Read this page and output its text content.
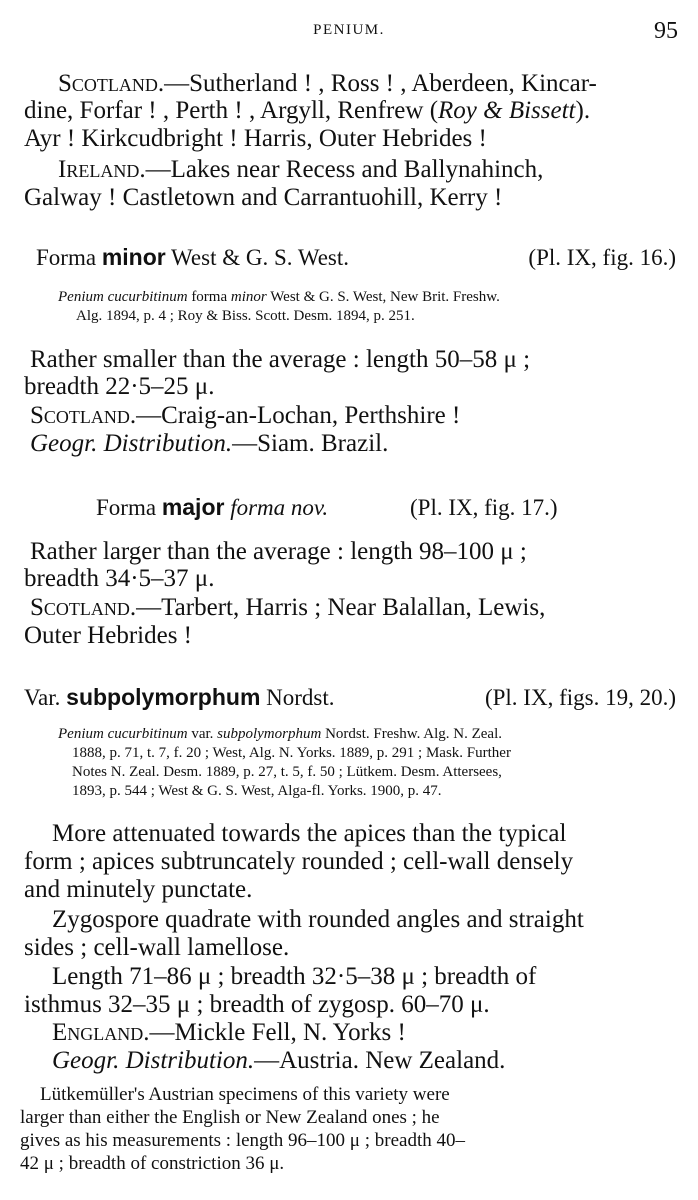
PENIUM.	95
Scotland.—Sutherland ! , Ross ! , Aberdeen, Kincar-
dine, Forfar ! , Perth ! , Argyll, Renfrew (Roy & Bissett).
Ayr ! Kirkcudbright ! Harris, Outer Hebrides !
Ireland.—Lakes near Recess and Ballynahinch,
Galway ! Castletown and Carrantuohill, Kerry !
Forma minor West & G. S. West.	(Pl. IX, fig. 16.)
Penium cucurbitinum forma minor West & G. S. West, New Brit. Freshw.
Alg. 1894, p. 4 ; Roy & Biss. Scott. Desm. 1894, p. 251.
Rather smaller than the average : length 50–58 μ ;
breadth 22·5–25 μ.
Scotland.—Craig-an-Lochan, Perthshire !
Geogr. Distribution.—Siam. Brazil.
Forma major forma nov.	(Pl. IX, fig. 17.)
Rather larger than the average : length 98–100 μ ;
breadth 34·5–37 μ.
Scotland.—Tarbert, Harris ; Near Balallan, Lewis,
Outer Hebrides !
Var. subpolymorphum Nordst.	(Pl. IX, figs. 19, 20.)
Penium cucurbitinum var. subpolymorphum Nordst. Freshw. Alg. N. Zeal.
1888, p. 71, t. 7, f. 20 ; West, Alg. N. Yorks. 1889, p. 291 ; Mask. Further
Notes N. Zeal. Desm. 1889, p. 27, t. 5, f. 50 ; Lütkem. Desm. Attersees,
1893, p. 544 ; West & G. S. West, Alga-fl. Yorks. 1900, p. 47.
More attenuated towards the apices than the typical
form ; apices subtruncately rounded ; cell-wall densely
and minutely punctate.
Zygospore quadrate with rounded angles and straight
sides ; cell-wall lamellose.
Length 71–86 μ ; breadth 32·5–38 μ ; breadth of
isthmus 32–35 μ ; breadth of zygosp. 60–70 μ.
England.—Mickle Fell, N. Yorks !
Geogr. Distribution.—Austria. New Zealand.
Lütkemüller's Austrian specimens of this variety were
larger than either the English or New Zealand ones ; he
gives as his measurements : length 96–100 μ ; breadth 40–
42 μ ; breadth of constriction 36 μ.
